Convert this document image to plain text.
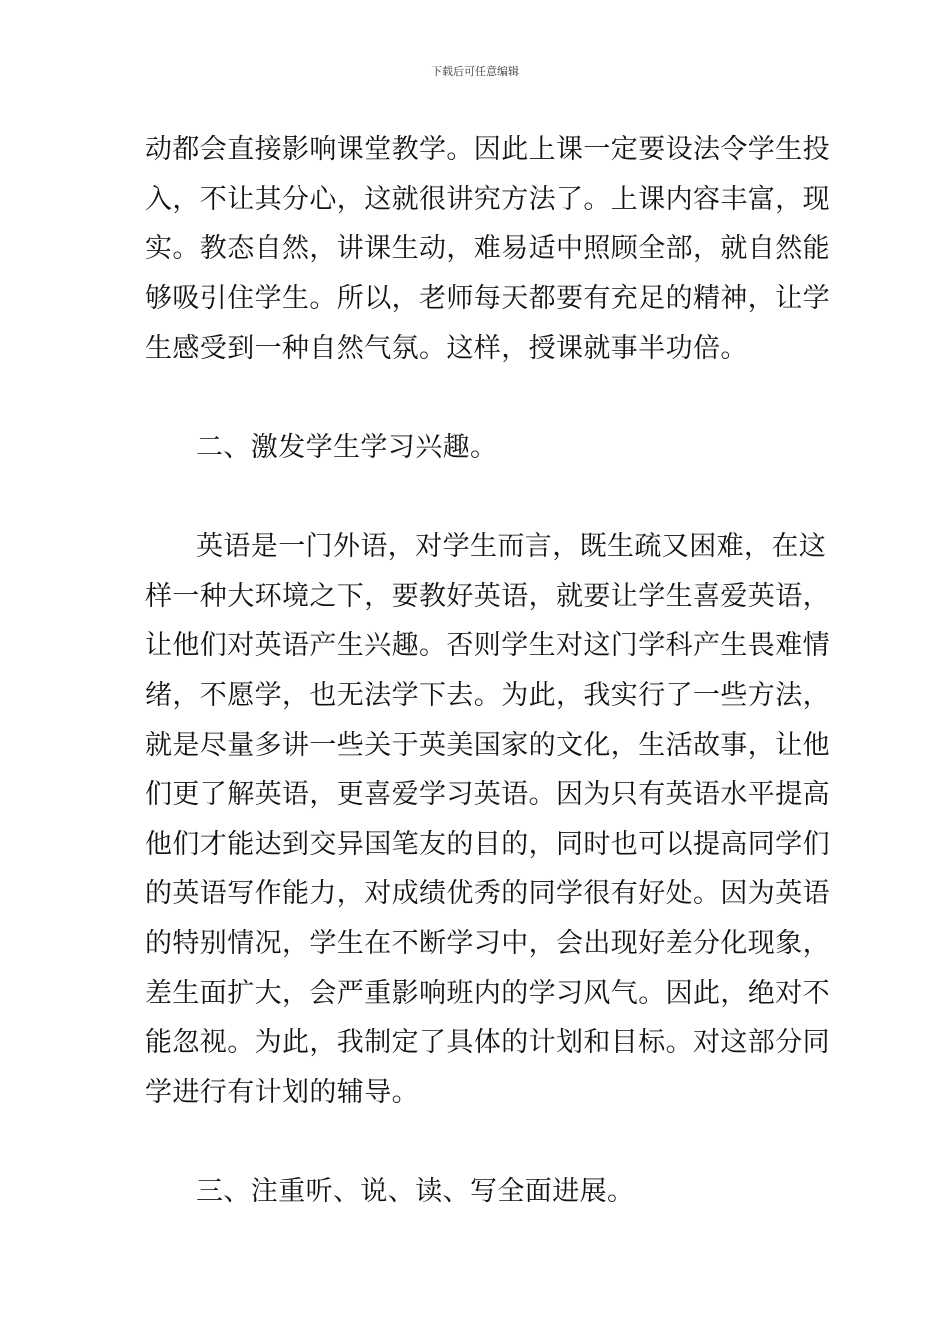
下载后可任意编辑
动都会直接影响课堂教学。因此上课一定要设法令学生投
入，不让其分心，这就很讲究方法了。上课内容丰富，现
实。教态自然，讲课生动，难易适中照顾全部，就自然能
够吸引住学生。所以，老师每天都要有充足的精神，让学
生感受到一种自然气氛。这样，授课就事半功倍。
二、激发学生学习兴趣。
英语是一门外语，对学生而言，既生疏又困难，在这
样一种大环境之下，要教好英语，就要让学生喜爱英语，
让他们对英语产生兴趣。否则学生对这门学科产生畏难情
绪，不愿学，也无法学下去。为此，我实行了一些方法，
就是尽量多讲一些关于英美国家的文化，生活故事，让他
们更了解英语，更喜爱学习英语。因为只有英语水平提高
他们才能达到交异国笔友的目的，同时也可以提高同学们
的英语写作能力，对成绩优秀的同学很有好处。因为英语
的特别情况，学生在不断学习中，会出现好差分化现象，
差生面扩大，会严重影响班内的学习风气。因此，绝对不
能忽视。为此，我制定了具体的计划和目标。对这部分同
学进行有计划的辅导。
三、注重听、说、读、写全面进展。
